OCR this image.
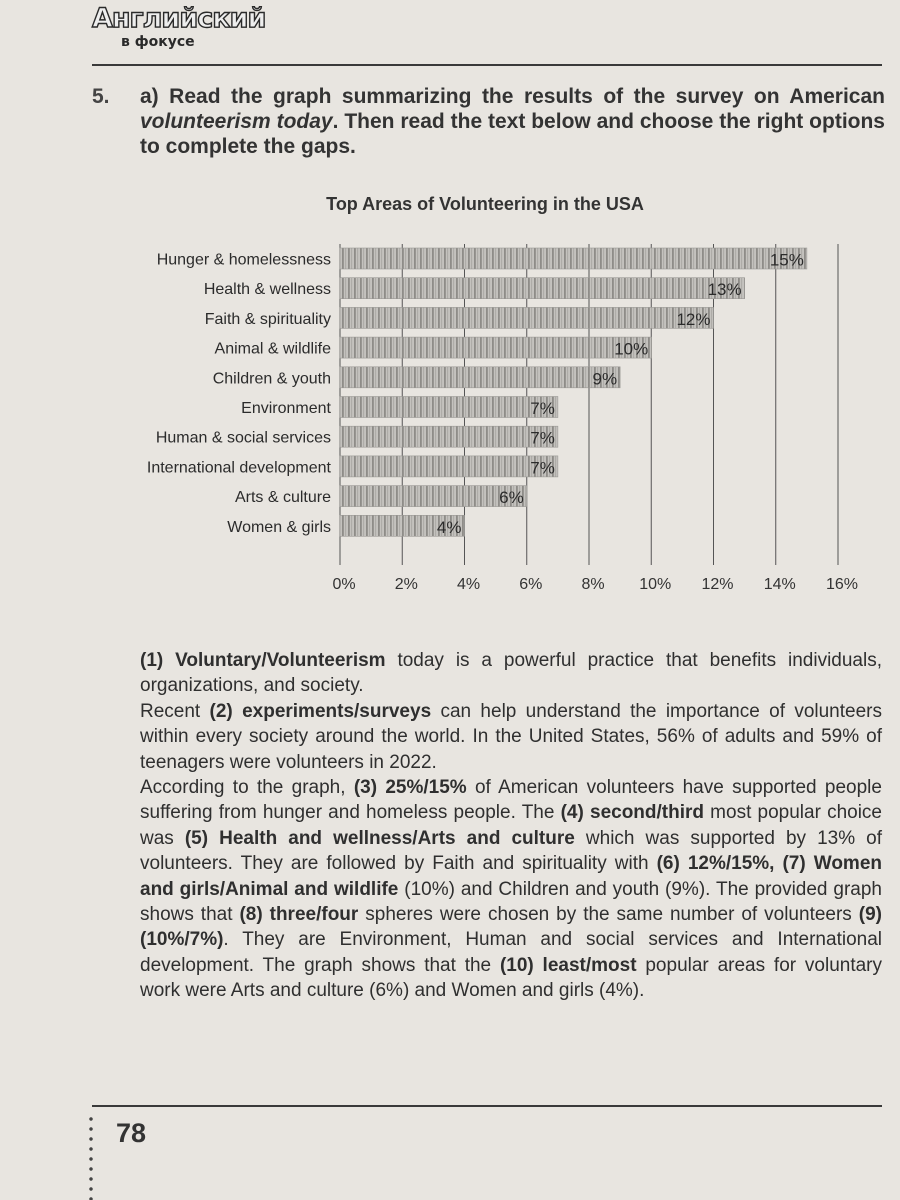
Английский
в фокусе
5. a) Read the graph summarizing the results of the survey on American volunteerism today. Then read the text below and choose the right options to complete the gaps.
Top Areas of Volunteering in the USA
Hunger & homelessness	15%
Health & wellness	13%
Faith & spirituality	12%
Animal & wildlife	10%
Children & youth	9%
Environment	7%
Human & social services	7%
International development	7%
Arts & culture	6%
Women & girls	4%
0% 2% 4% 6% 8% 10% 12% 14% 16%

(1) Voluntary/Volunteerism today is a powerful practice that benefits individuals, organizations, and society.

Recent (2) experiments/surveys can help understand the importance of volunteers within every society around the world. In the United States, 56% of adults and 59% of teenagers were volunteers in 2022.

According to the graph, (3) 25%/15% of American volunteers have supported people suffering from hunger and homeless people. The (4) second/third most popular choice was (5) Health and wellness/Arts and culture which was supported by 13% of volunteers. They are followed by Faith and spirituality with (6) 12%/15%, (7) Women and girls/Animal and wildlife (10%) and Children and youth (9%). The provided graph shows that (8) three/four spheres were chosen by the same number of volunteers (9) (10%/7%). They are Environment, Human and social services and International development. The graph shows that the (10) least/most popular areas for voluntary work were Arts and culture (6%) and Women and girls (4%).

78
